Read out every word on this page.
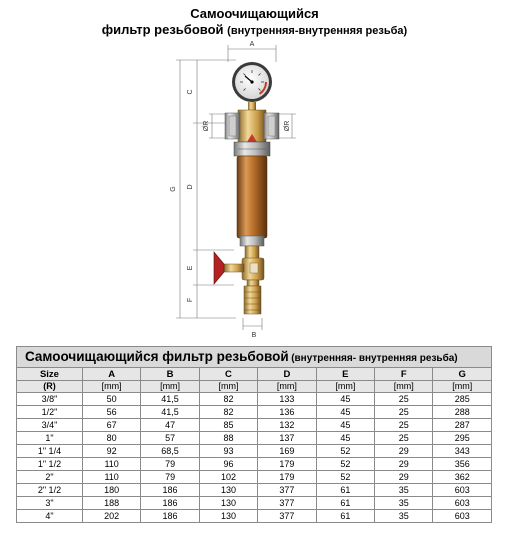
Самоочищающийся
фильтр резьбовой (внутренняя-внутренняя резьба)
A
G
C
D
E
F
ØR	ØR
B
Самоочищающийся фильтр резьбовой (внутренняя- внутренняя резьба)							
Size	A	B	C	D	E	F	G
(R)	[mm]	[mm]	[mm]	[mm]	[mm]	[mm]	[mm]
3/8"	50	41,5	82	133	45	25	285
1/2"	56	41,5	82	136	45	25	288
3/4"	67	47	85	132	45	25	287
1"	80	57	88	137	45	25	295
1" 1/4	92	68,5	93	169	52	29	343
1" 1/2	110	79	96	179	52	29	356
2"	110	79	102	179	52	29	362
2" 1/2	180	186	130	377	61	35	603
3"	188	186	130	377	61	35	603
4"	202	186	130	377	61	35	603
